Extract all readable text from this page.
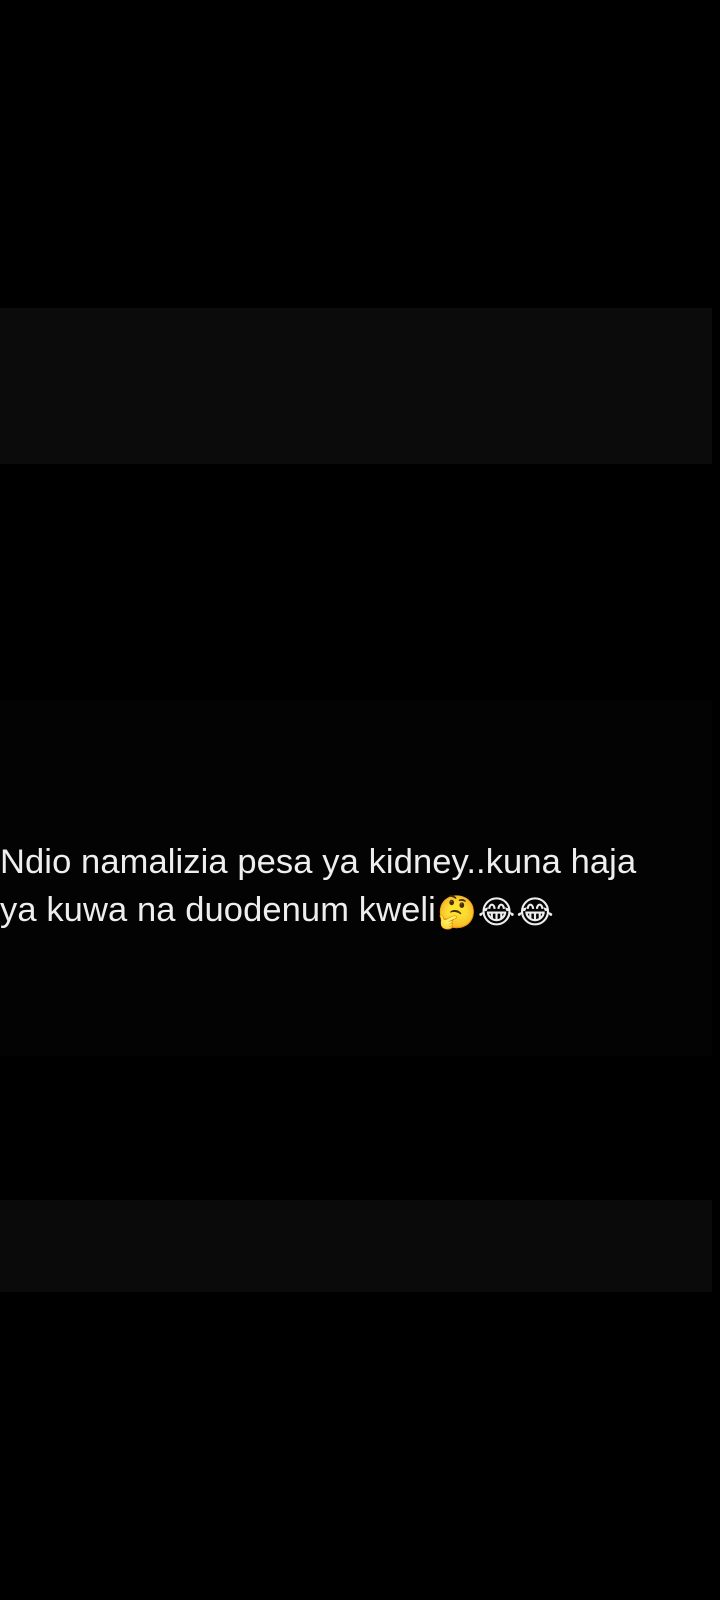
Ndio namalizia pesa ya kidney..kuna haja
ya kuwa na duodenum kweli🤔😂😂
😂😭
